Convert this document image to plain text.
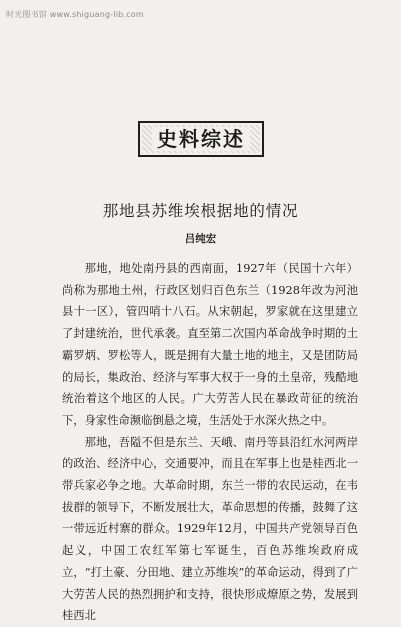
时光图书馆 www.shiguang-lib.com
史料综述
那地县苏维埃根据地的情况
吕纯宏

那地，地处南丹县的西南面，1927年（民国十六年）尚称为那地土州，行政区划归百色东兰（1928年改为河池县十一区），管四哨十八石。从宋朝起，罗家就在这里建立了封建统治，世代承袭。直至第二次国内革命战争时期的土霸罗炳、罗松等人，既是拥有大量土地的地主，又是团防局的局长，集政治、经济与军事大权于一身的土皇帝，残酷地统治着这个地区的人民。广大劳苦人民在暴政苛征的统治下，身家性命濒临倒悬之境，生活处于水深火热之中。

那地，吾隘不但是东兰、天峨、南丹等县沿红水河两岸的政治、经济中心，交通要冲，而且在军事上也是桂西北一带兵家必争之地。大革命时期，东兰一带的农民运动，在韦拔群的领导下，不断发展壮大，革命思想的传播，鼓舞了这一带远近村寨的群众。1929年12月，中国共产党领导百色起义，中国工农红军第七军诞生，百色苏维埃政府成立，“打土豪、分田地、建立苏维埃”的革命运动，得到了广大劳苦人民的热烈拥护和支持，很快形成燎原之势，发展到桂西北
